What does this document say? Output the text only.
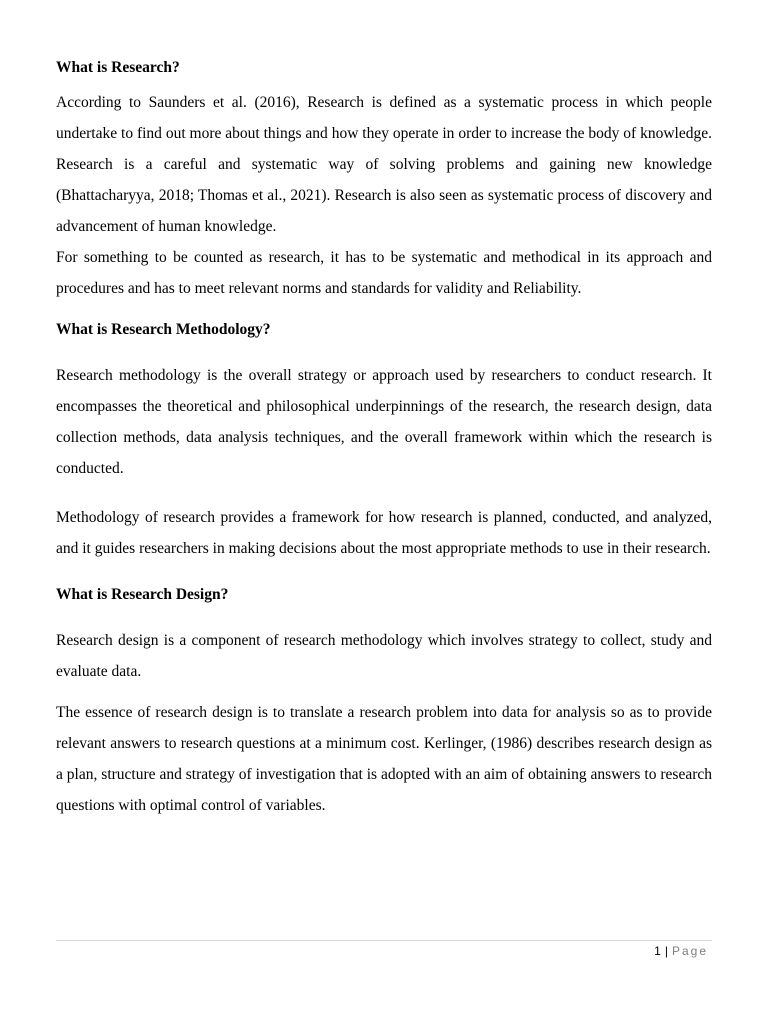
What is Research?

According to Saunders et al. (2016), Research is defined as a systematic process in which people undertake to find out more about things and how they operate in order to increase the body of knowledge. Research is a careful and systematic way of solving problems and gaining new knowledge (Bhattacharyya, 2018; Thomas et al., 2021). Research is also seen as systematic process of discovery and advancement of human knowledge.

For something to be counted as research, it has to be systematic and methodical in its approach and procedures and has to meet relevant norms and standards for validity and Reliability.

What is Research Methodology?

Research methodology is the overall strategy or approach used by researchers to conduct research. It encompasses the theoretical and philosophical underpinnings of the research, the research design, data collection methods, data analysis techniques, and the overall framework within which the research is conducted.

Methodology of research provides a framework for how research is planned, conducted, and analyzed, and it guides researchers in making decisions about the most appropriate methods to use in their research.

What is Research Design?

Research design is a component of research methodology which involves strategy to collect, study and evaluate data.

The essence of research design is to translate a research problem into data for analysis so as to provide relevant answers to research questions at a minimum cost. Kerlinger, (1986) describes research design as a plan, structure and strategy of investigation that is adopted with an aim of obtaining answers to research questions with optimal control of variables.

1 | Page
